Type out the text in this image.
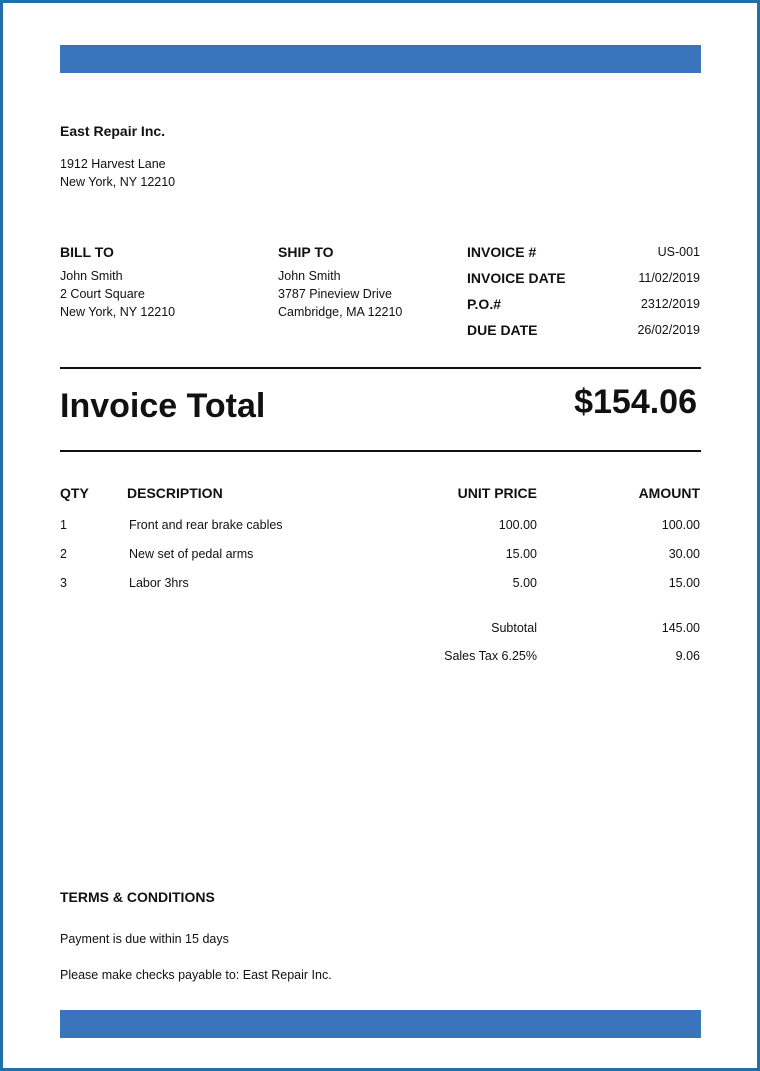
East Repair Inc.
1912 Harvest Lane
New York, NY 12210
BILL TO
John Smith
2 Court Square
New York, NY 12210
SHIP TO
John Smith
3787 Pineview Drive
Cambridge, MA 12210
INVOICE #	US-001
INVOICE DATE	11/02/2019
P.O.#	2312/2019
DUE DATE	26/02/2019
Invoice Total	$154.06
QTY	DESCRIPTION	UNIT PRICE	AMOUNT
1	Front and rear brake cables	100.00	100.00
2	New set of pedal arms	15.00	30.00
3	Labor 3hrs	5.00	15.00
Subtotal	145.00
Sales Tax 6.25%	9.06
TERMS & CONDITIONS
Payment is due within 15 days
Please make checks payable to: East Repair Inc.
